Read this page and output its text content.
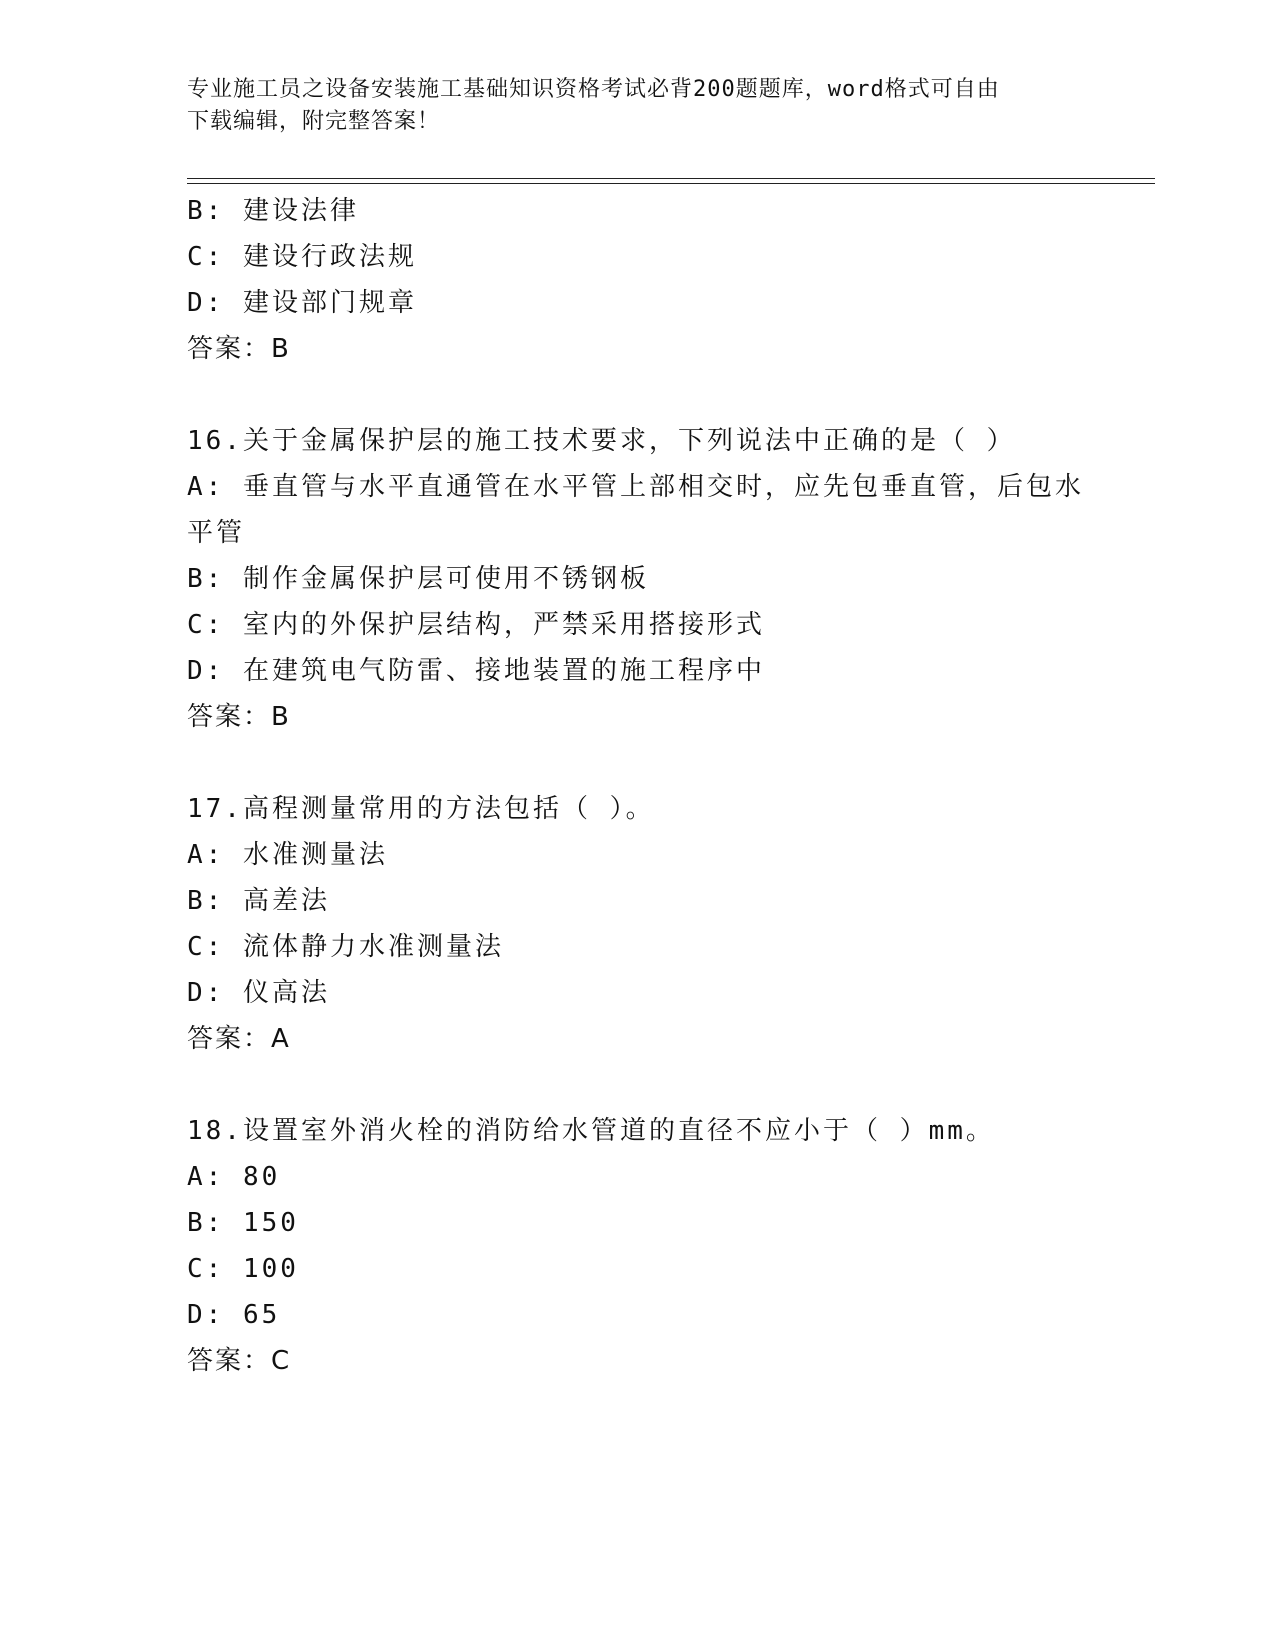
专业施工员之设备安装施工基础知识资格考试必背200题题库，word格式可自由
下载编辑，附完整答案！
B: 建设法律
C: 建设行政法规
D: 建设部门规章
答案：B
16.关于金属保护层的施工技术要求，下列说法中正确的是（ ）
A: 垂直管与水平直通管在水平管上部相交时，应先包垂直管，后包水平管
B: 制作金属保护层可使用不锈钢板
C: 室内的外保护层结构，严禁采用搭接形式
D: 在建筑电气防雷、接地装置的施工程序中
答案：B
17.高程测量常用的方法包括（ ）。
A: 水准测量法
B: 高差法
C: 流体静力水准测量法
D: 仪高法
答案：A
18.设置室外消火栓的消防给水管道的直径不应小于（ ）mm。
A: 80
B: 150
C: 100
D: 65
答案：C
